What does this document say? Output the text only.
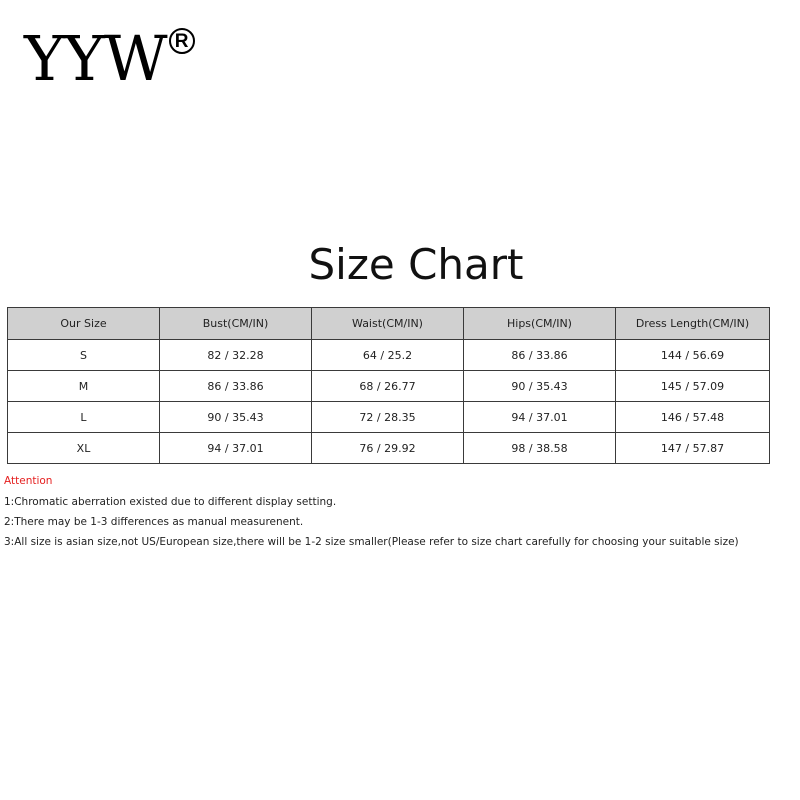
YYW R
Size Chart
Our Size	Bust(CM/IN)	Waist(CM/IN)	Hips(CM/IN)	Dress Length(CM/IN)
S	82 / 32.28	64 / 25.2	86 / 33.86	144 / 56.69
M	86 / 33.86	68 / 26.77	90 / 35.43	145 / 57.09
L	90 / 35.43	72 / 28.35	94 / 37.01	146 / 57.48
XL	94 / 37.01	76 / 29.92	98 / 38.58	147 / 57.87
Attention
1:Chromatic aberration existed due to different display setting.
2:There may be 1-3 differences as manual measurenent.
3:All size is asian size,not US/European size,there will be 1-2 size smaller(Please refer to size chart carefully for choosing your suitable size)
